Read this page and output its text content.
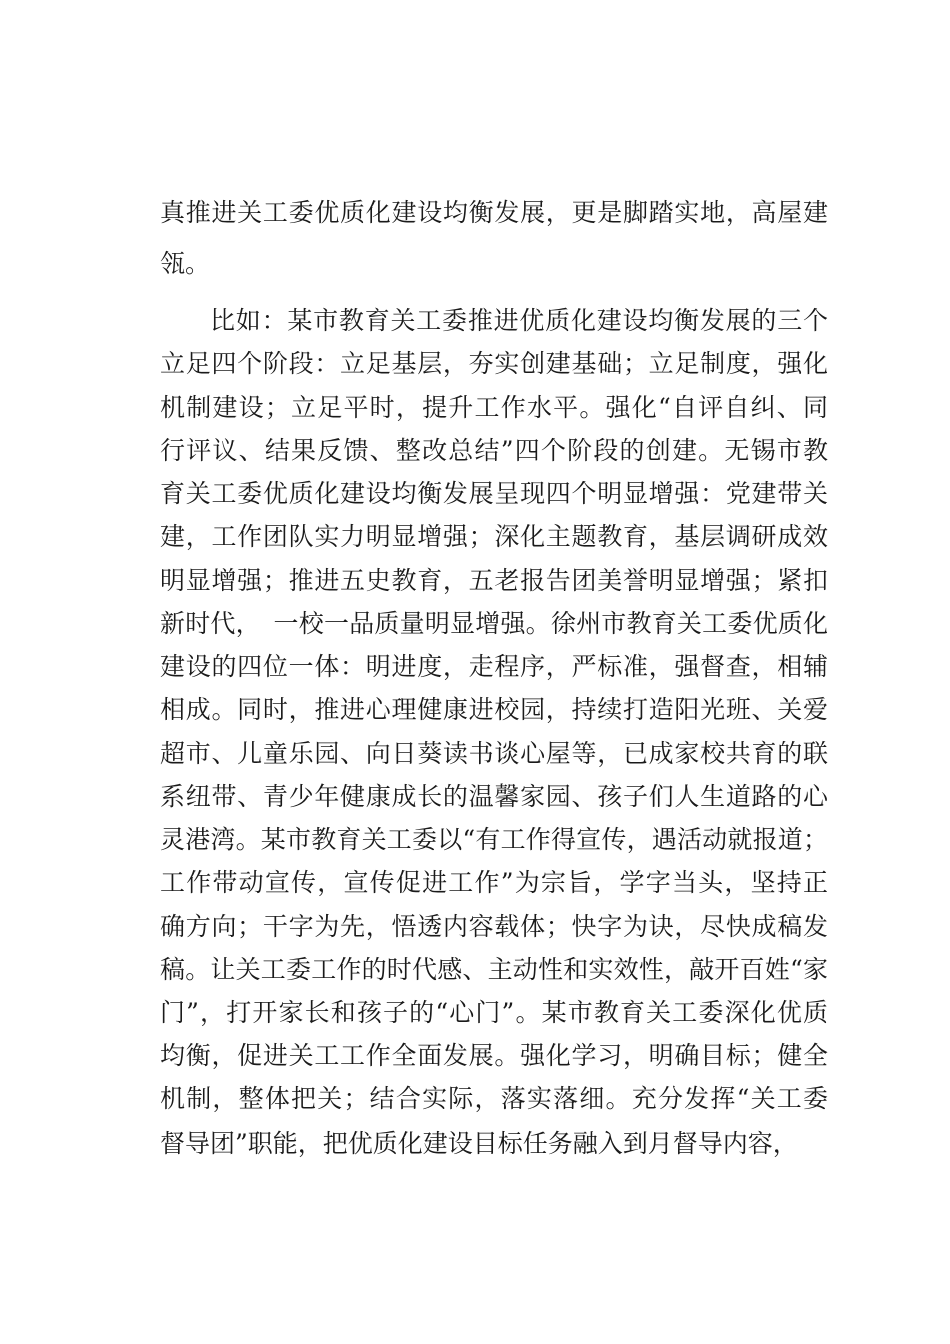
真推进关工委优质化建设均衡发展，更是脚踏实地，高屋建

瓴。

比如：某市教育关工委推进优质化建设均衡发展的三个

立足四个阶段：立足基层，夯实创建基础；立足制度，强化

机制建设；立足平时，提升工作水平。强化“自评自纠、同

行评议、结果反馈、整改总结”四个阶段的创建。无锡市教

育关工委优质化建设均衡发展呈现四个明显增强：党建带关

建，工作团队实力明显增强；深化主题教育，基层调研成效

明显增强；推进五史教育，五老报告团美誉明显增强；紧扣

新时代，　一校一品质量明显增强。徐州市教育关工委优质化

建设的四位一体：明进度，走程序，严标准，强督查，相辅

相成。同时，推进心理健康进校园，持续打造阳光班、关爱

超市、儿童乐园、向日葵读书谈心屋等，已成家校共育的联

系纽带、青少年健康成长的温馨家园、孩子们人生道路的心

灵港湾。某市教育关工委以“有工作得宣传，遇活动就报道；

工作带动宣传，宣传促进工作”为宗旨，学字当头，坚持正

确方向；干字为先，悟透内容载体；快字为诀，尽快成稿发

稿。让关工委工作的时代感、主动性和实效性，敲开百姓“家

门”，打开家长和孩子的“心门”。某市教育关工委深化优质

均衡，促进关工工作全面发展。强化学习，明确目标；健全

机制，整体把关；结合实际，落实落细。充分发挥“关工委

督导团”职能，把优质化建设目标任务融入到月督导内容，
